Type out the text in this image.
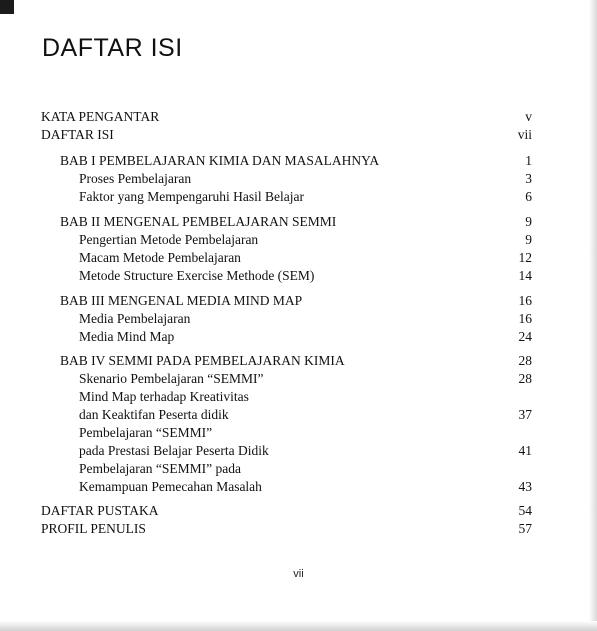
DAFTAR ISI
KATA PENGANTAR	v
DAFTAR ISI	vii
BAB I PEMBELAJARAN KIMIA DAN MASALAHNYA	1
Proses Pembelajaran	3
Faktor yang Mempengaruhi Hasil Belajar	6
BAB II MENGENAL PEMBELAJARAN SEMMI	9
Pengertian Metode Pembelajaran	9
Macam Metode Pembelajaran	12
Metode Structure Exercise Methode (SEM)	14
BAB III MENGENAL MEDIA MIND MAP	16
Media Pembelajaran	16
Media Mind Map	24
BAB IV SEMMI PADA PEMBELAJARAN KIMIA	28
Skenario Pembelajaran “SEMMI”	28
Mind Map terhadap Kreativitas
dan Keaktifan Peserta didik	37
Pembelajaran “SEMMI”
pada Prestasi Belajar Peserta Didik	41
Pembelajaran “SEMMI” pada
Kemampuan Pemecahan Masalah	43
DAFTAR PUSTAKA	54
PROFIL PENULIS	57
vii
